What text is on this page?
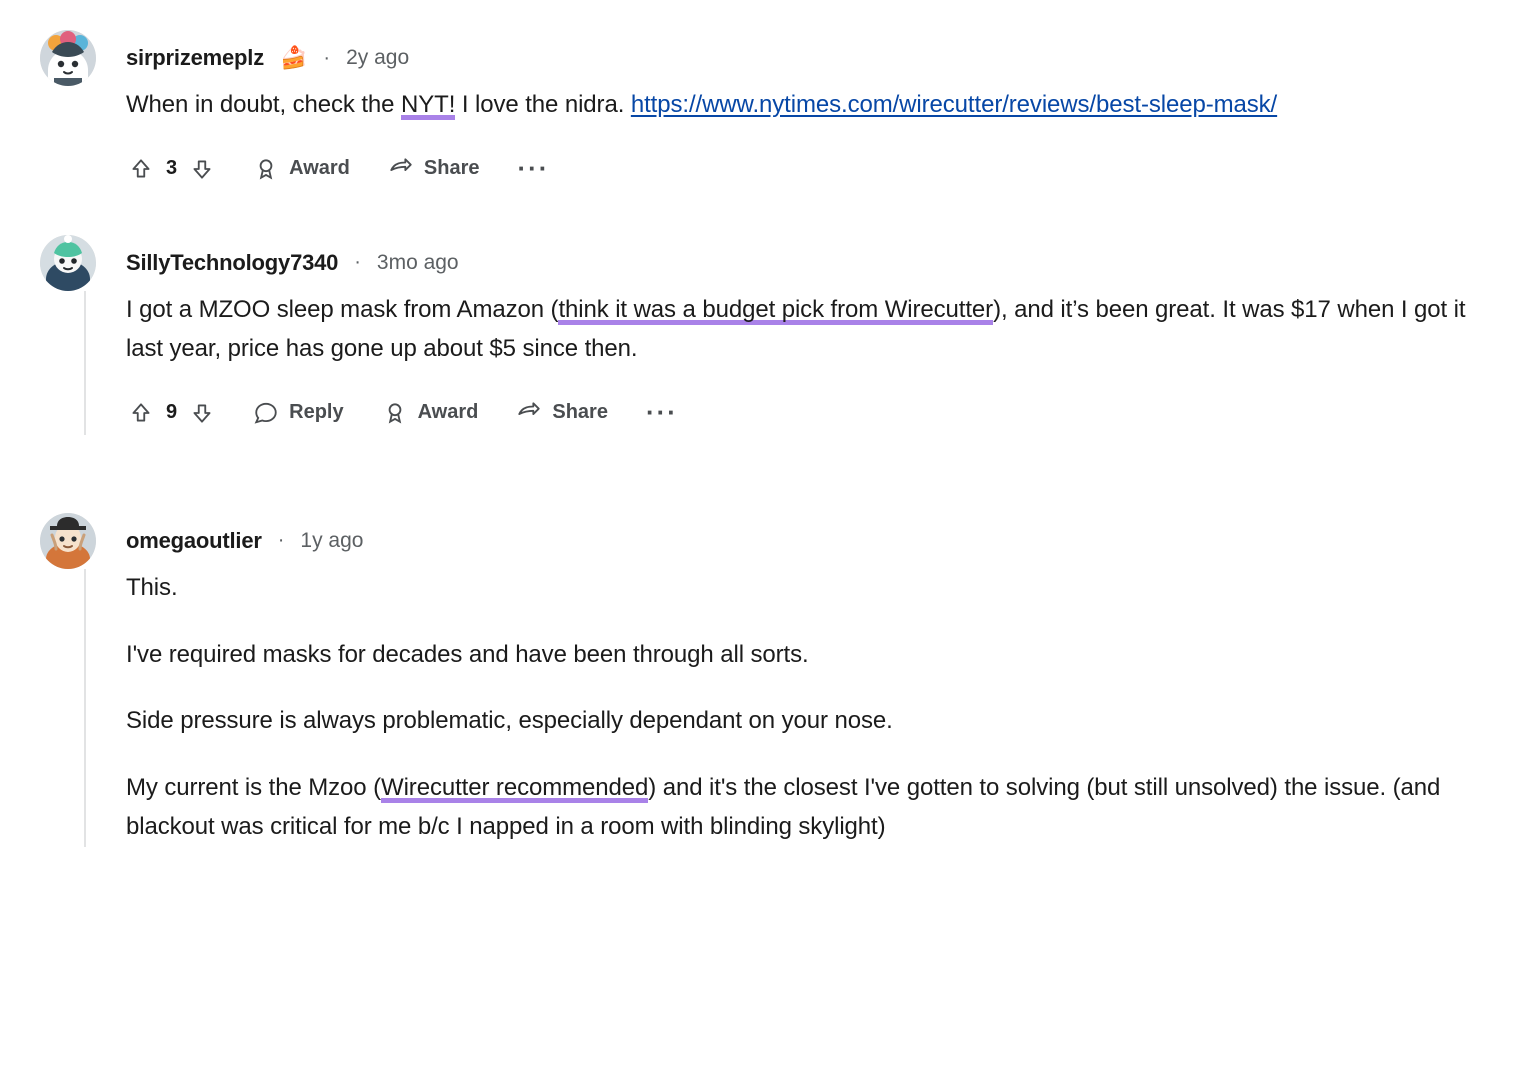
sirprizemeplz 🍰 · 2y ago

When in doubt, check the NYT! I love the nidra. https://www.nytimes.com/wirecutter/reviews/best-sleep-mask/

3	Award	Share	···
SillyTechnology7340 · 3mo ago

I got a MZOO sleep mask from Amazon (think it was a budget pick from Wirecutter), and it’s been great. It was $17 when I got it last year, price has gone up about $5 since then.

9	Reply	Award	Share	···
omegaoutlier · 1y ago

This.

I've required masks for decades and have been through all sorts.

Side pressure is always problematic, especially dependant on your nose.

My current is the Mzoo (Wirecutter recommended) and it's the closest I've gotten to solving (but still unsolved) the issue. (and blackout was critical for me b/c I napped in a room with blinding skylight)
